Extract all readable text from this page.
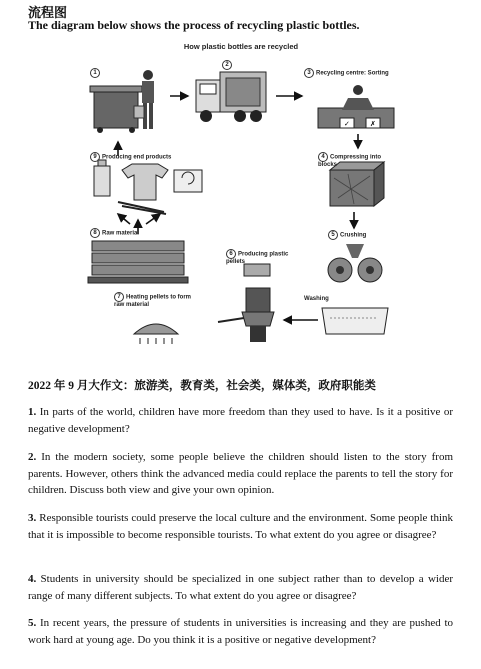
流程图
The diagram below shows the process of recycling plastic bottles.
How plastic bottles are recycled
✓	✗
1
2
3 Recycling centre: Sorting
4 Compressing into blocks
5 Crushing
Washing
6 Producing plastic pellets
7 Heating pellets to form raw material
8 Raw material
9 Producing end products
2022 年 9 月大作文：旅游类，教育类，社会类，媒体类，政府职能类
1. In parts of the world, children have more freedom than they used to have. Is it a positive or negative development?
2. In the modern society, some people believe the children should listen to the story from parents. However, others think the advanced media could replace the parents to tell the story for children. Discuss both view and give your own opinion.
3. Responsible tourists could preserve the local culture and the environment. Some people think that it is impossible to become responsible tourists. To what extent do you agree or disagree?
4. Students in university should be specialized in one subject rather than to develop a wider range of many different subjects. To what extent do you agree or disagree?
5. In recent years, the pressure of students in universities is increasing and they are pushed to work hard at young age. Do you think it is a positive or negative development?
